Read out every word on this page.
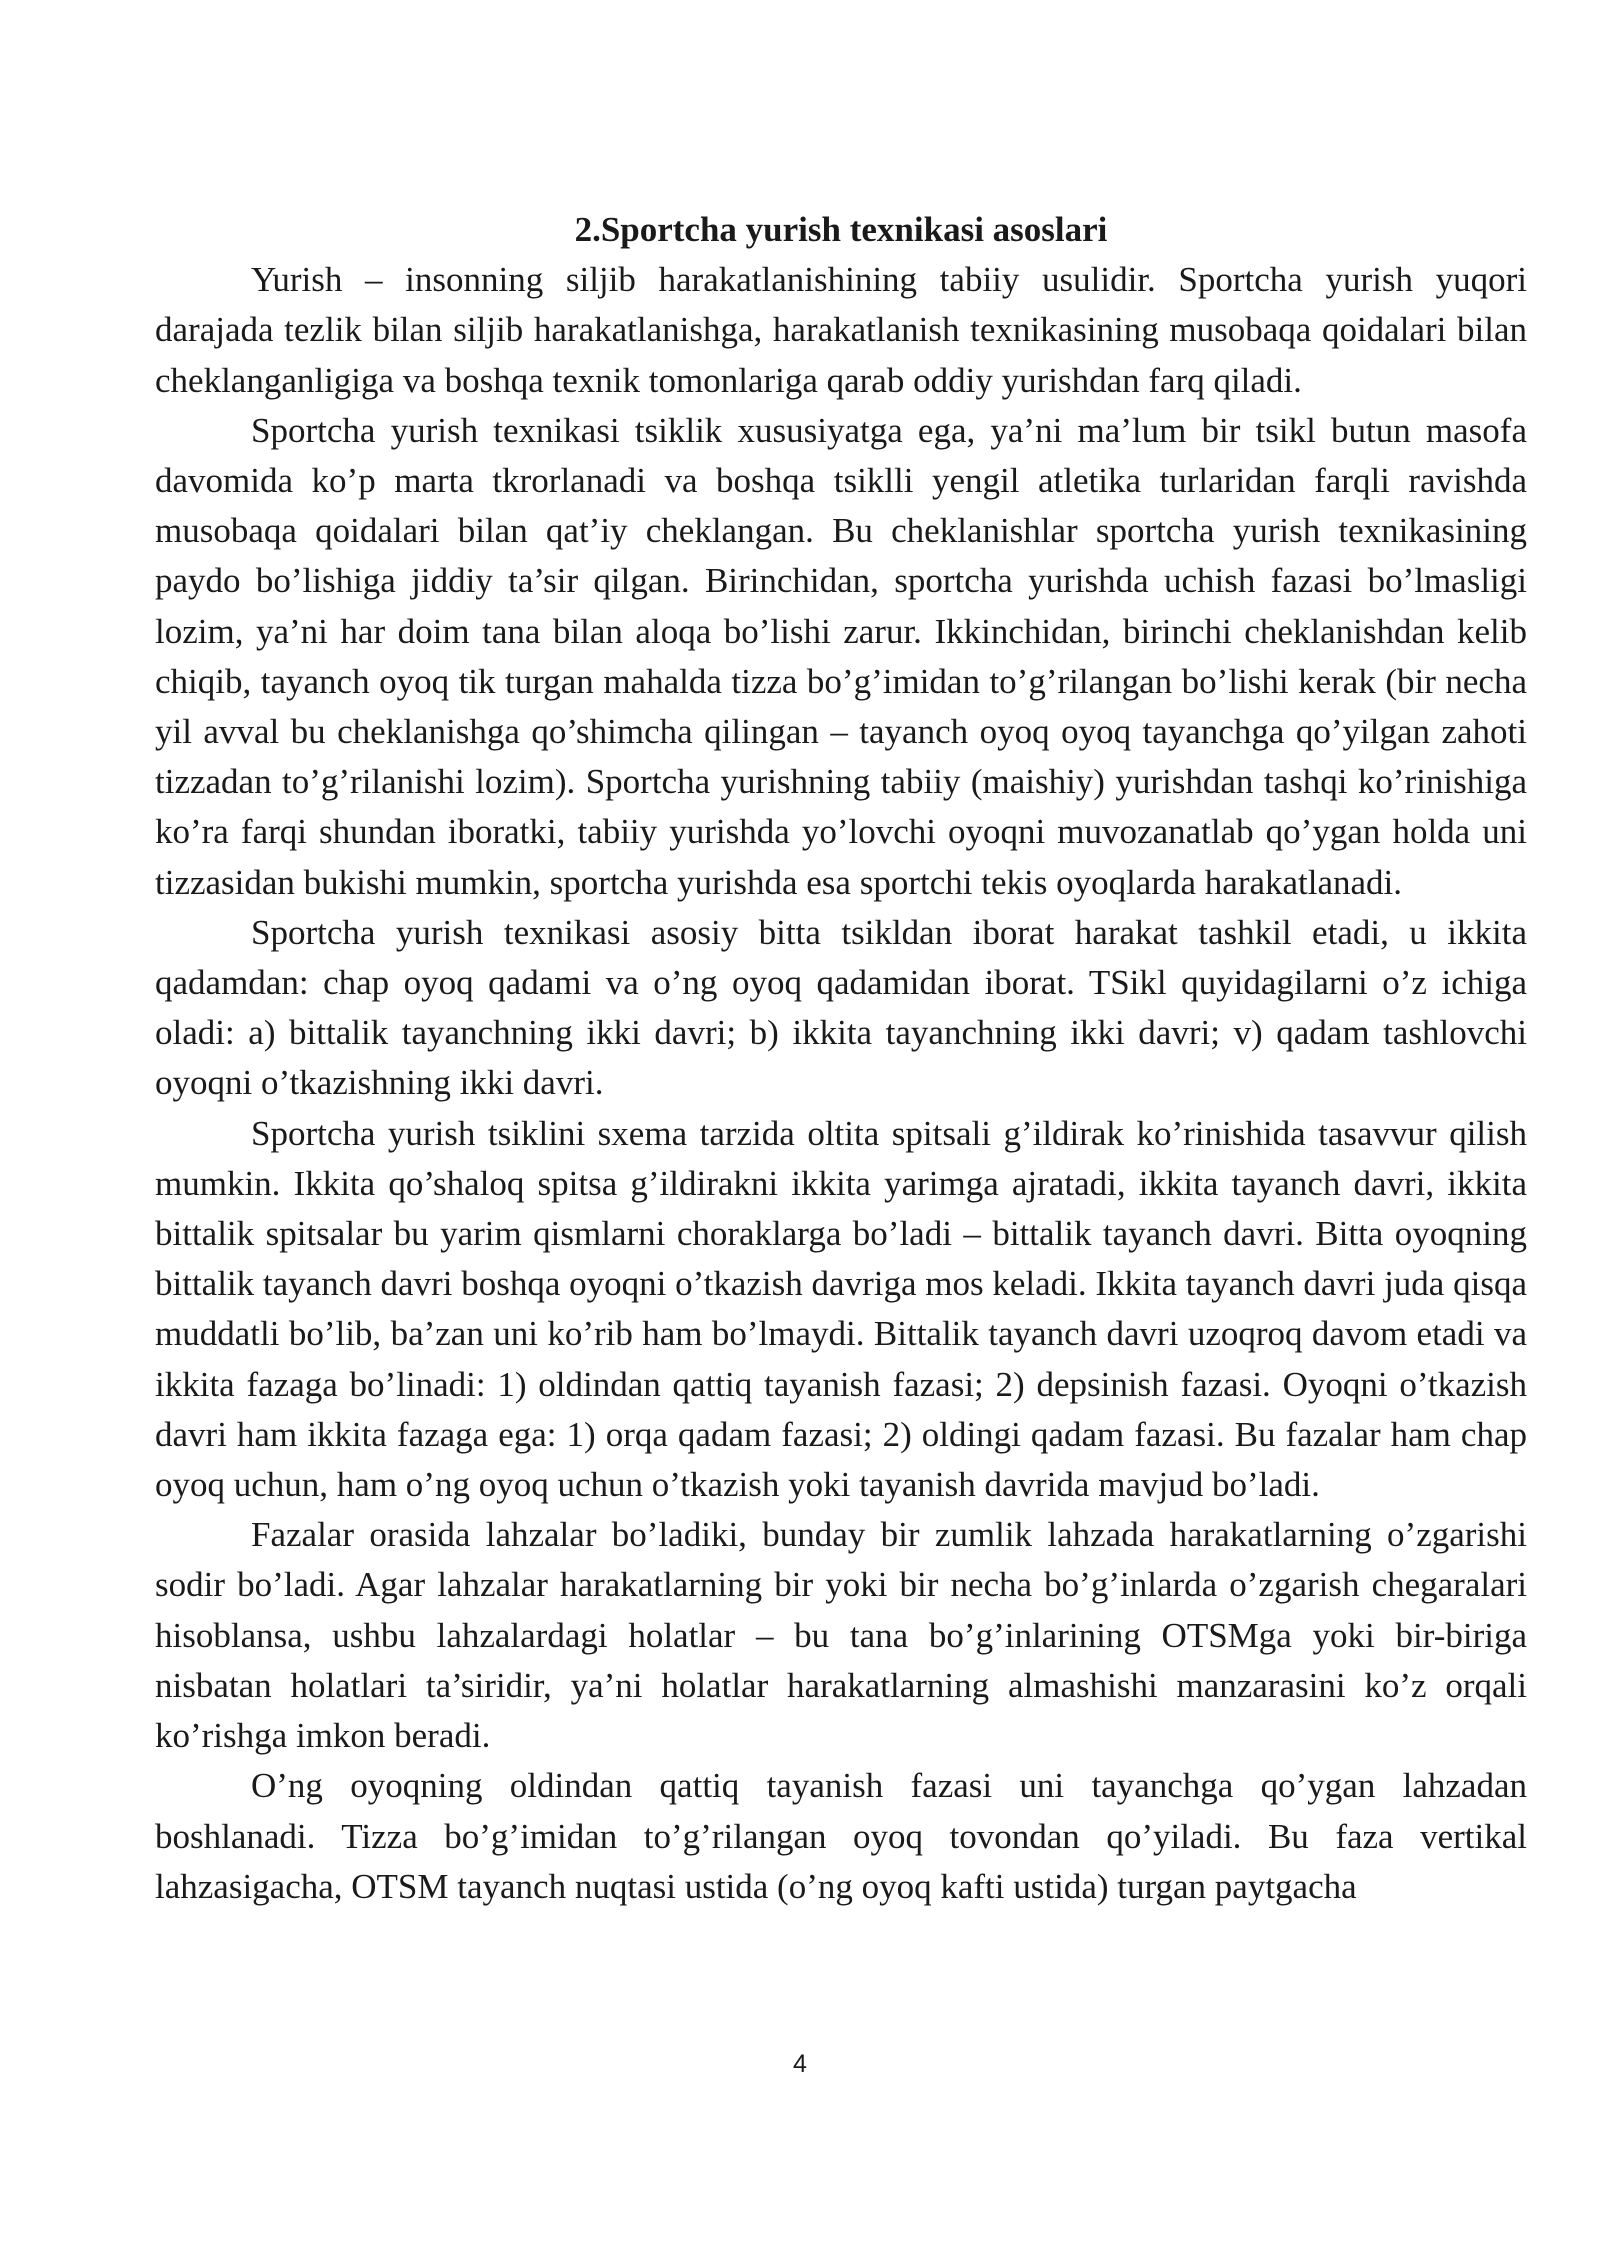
2.Sportcha yurish texnikasi asoslari

Yurish – insonning siljib harakatlanishining tabiiy usulidir. Sportcha yurish yuqori darajada tezlik bilan siljib harakatlanishga, harakatlanish texnikasining musobaqa qoidalari bilan cheklanganligiga va boshqa texnik tomonlariga qarab oddiy yurishdan farq qiladi.

Sportcha yurish texnikasi tsiklik xususiyatga ega, ya’ni ma’lum bir tsikl butun masofa davomida ko’p marta tkrorlanadi va boshqa tsiklli yengil atletika turlaridan farqli ravishda musobaqa qoidalari bilan qat’iy cheklangan. Bu cheklanishlar sportcha yurish texnikasining paydo bo’lishiga jiddiy ta’sir qilgan. Birinchidan, sportcha yurishda uchish fazasi bo’lmasligi lozim, ya’ni har doim tana bilan aloqa bo’lishi zarur. Ikkinchidan, birinchi cheklanishdan kelib chiqib, tayanch oyoq tik turgan mahalda tizza bo’g’imidan to’g’rilangan bo’lishi kerak (bir necha yil avval bu cheklanishga qo’shimcha qilingan – tayanch oyoq oyoq tayanchga qo’yilgan zahoti tizzadan to’g’rilanishi lozim). Sportcha yurishning tabiiy (maishiy) yurishdan tashqi ko’rinishiga ko’ra farqi shundan iboratki, tabiiy yurishda yo’lovchi oyoqni muvozanatlab qo’ygan holda uni tizzasidan bukishi mumkin, sportcha yurishda esa sportchi tekis oyoqlarda harakatlanadi.

Sportcha yurish texnikasi asosiy bitta tsikldan iborat harakat tashkil etadi, u ikkita qadamdan: chap oyoq qadami va o’ng oyoq qadamidan iborat. TSikl quyidagilarni o’z ichiga oladi: a) bittalik tayanchning ikki davri; b) ikkita tayanchning ikki davri; v) qadam tashlovchi oyoqni o’tkazishning ikki davri.

Sportcha yurish tsiklini sxema tarzida oltita spitsali g’ildirak ko’rinishida tasavvur qilish mumkin. Ikkita qo’shaloq spitsa g’ildirakni ikkita yarimga ajratadi, ikkita tayanch davri, ikkita bittalik spitsalar bu yarim qismlarni choraklarga bo’ladi – bittalik tayanch davri. Bitta oyoqning bittalik tayanch davri boshqa oyoqni o’tkazish davriga mos keladi. Ikkita tayanch davri juda qisqa muddatli bo’lib, ba’zan uni ko’rib ham bo’lmaydi. Bittalik tayanch davri uzoqroq davom etadi va ikkita fazaga bo’linadi: 1) oldindan qattiq tayanish fazasi; 2) depsinish fazasi. Oyoqni o’tkazish davri ham ikkita fazaga ega: 1) orqa qadam fazasi; 2) oldingi qadam fazasi. Bu fazalar ham chap oyoq uchun, ham o’ng oyoq uchun o’tkazish yoki tayanish davrida mavjud bo’ladi.

Fazalar orasida lahzalar bo’ladiki, bunday bir zumlik lahzada harakatlarning o’zgarishi sodir bo’ladi. Agar lahzalar harakatlarning bir yoki bir necha bo’g’inlarda o’zgarish chegaralari hisoblansa, ushbu lahzalardagi holatlar – bu tana bo’g’inlarining OTSMga yoki bir-biriga nisbatan holatlari ta’siridir, ya’ni holatlar harakatlarning almashishi manzarasini ko’z orqali ko’rishga imkon beradi.

O’ng oyoqning oldindan qattiq tayanish fazasi uni tayanchga qo’ygan lahzadan boshlanadi. Tizza bo’g’imidan to’g’rilangan oyoq tovondan qo’yiladi. Bu faza vertikal lahzasigacha, OTSM tayanch nuqtasi ustida (o’ng oyoq kafti ustida) turgan paytgacha

4
